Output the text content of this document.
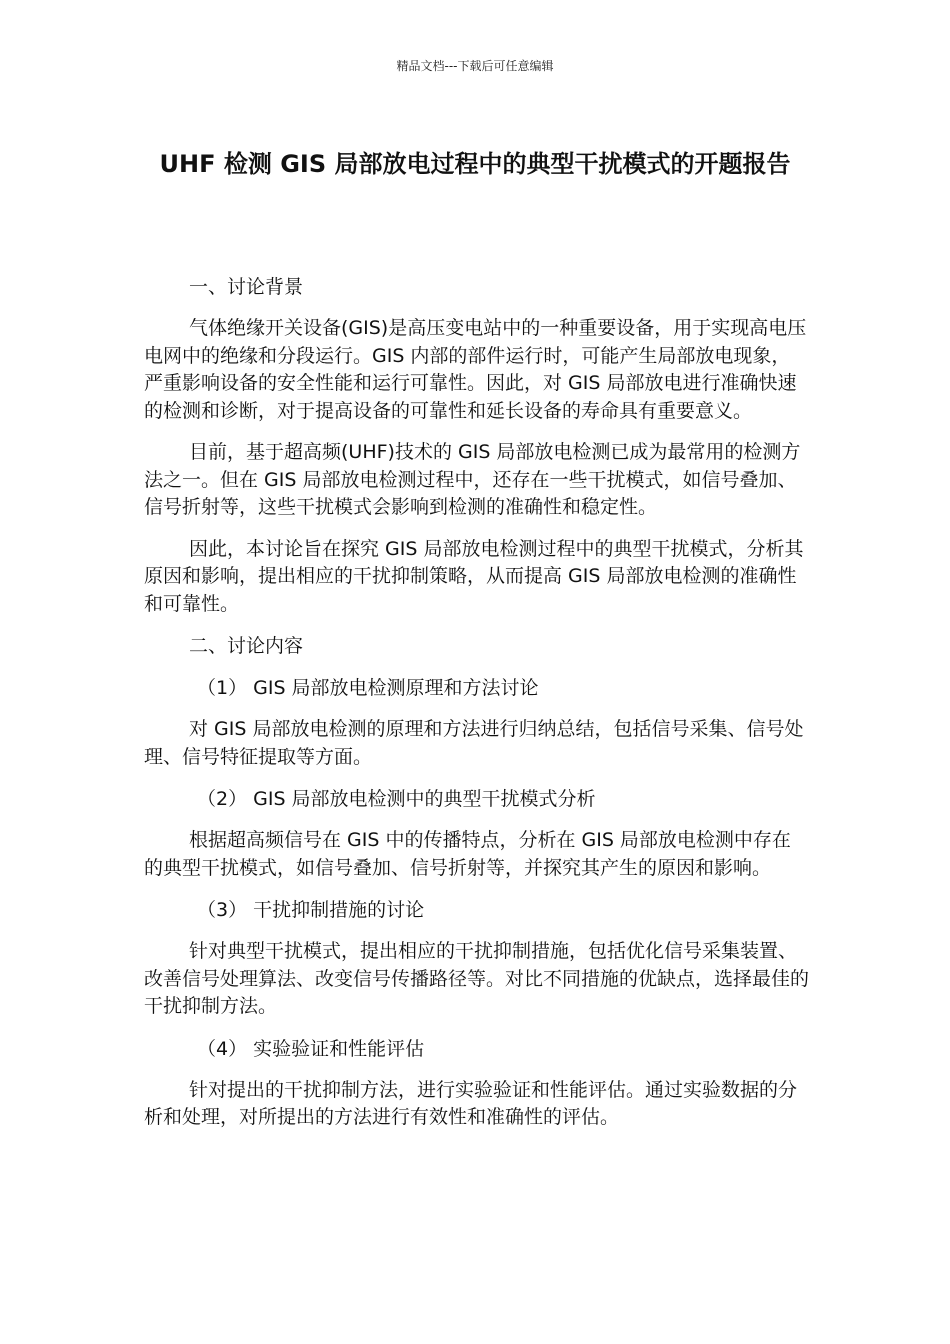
精品文档---下载后可任意编辑
UHF 检测 GIS 局部放电过程中的典型干扰模式的开题报告

一、讨论背景

气体绝缘开关设备(GIS)是高压变电站中的一种重要设备，用于实现高电压电网中的绝缘和分段运行。GIS 内部的部件运行时，可能产生局部放电现象，严重影响设备的安全性能和运行可靠性。因此，对 GIS 局部放电进行准确快速的检测和诊断，对于提高设备的可靠性和延长设备的寿命具有重要意义。

目前，基于超高频(UHF)技术的 GIS 局部放电检测已成为最常用的检测方法之一。但在 GIS 局部放电检测过程中，还存在一些干扰模式，如信号叠加、信号折射等，这些干扰模式会影响到检测的准确性和稳定性。

因此，本讨论旨在探究 GIS 局部放电检测过程中的典型干扰模式，分析其原因和影响，提出相应的干扰抑制策略，从而提高 GIS 局部放电检测的准确性和可靠性。

二、讨论内容

（1） GIS 局部放电检测原理和方法讨论

对 GIS 局部放电检测的原理和方法进行归纳总结，包括信号采集、信号处理、信号特征提取等方面。

（2） GIS 局部放电检测中的典型干扰模式分析

根据超高频信号在 GIS 中的传播特点，分析在 GIS 局部放电检测中存在的典型干扰模式，如信号叠加、信号折射等，并探究其产生的原因和影响。

（3） 干扰抑制措施的讨论

针对典型干扰模式，提出相应的干扰抑制措施，包括优化信号采集装置、改善信号处理算法、改变信号传播路径等。对比不同措施的优缺点，选择最佳的干扰抑制方法。

（4） 实验验证和性能评估

针对提出的干扰抑制方法，进行实验验证和性能评估。通过实验数据的分析和处理，对所提出的方法进行有效性和准确性的评估。
